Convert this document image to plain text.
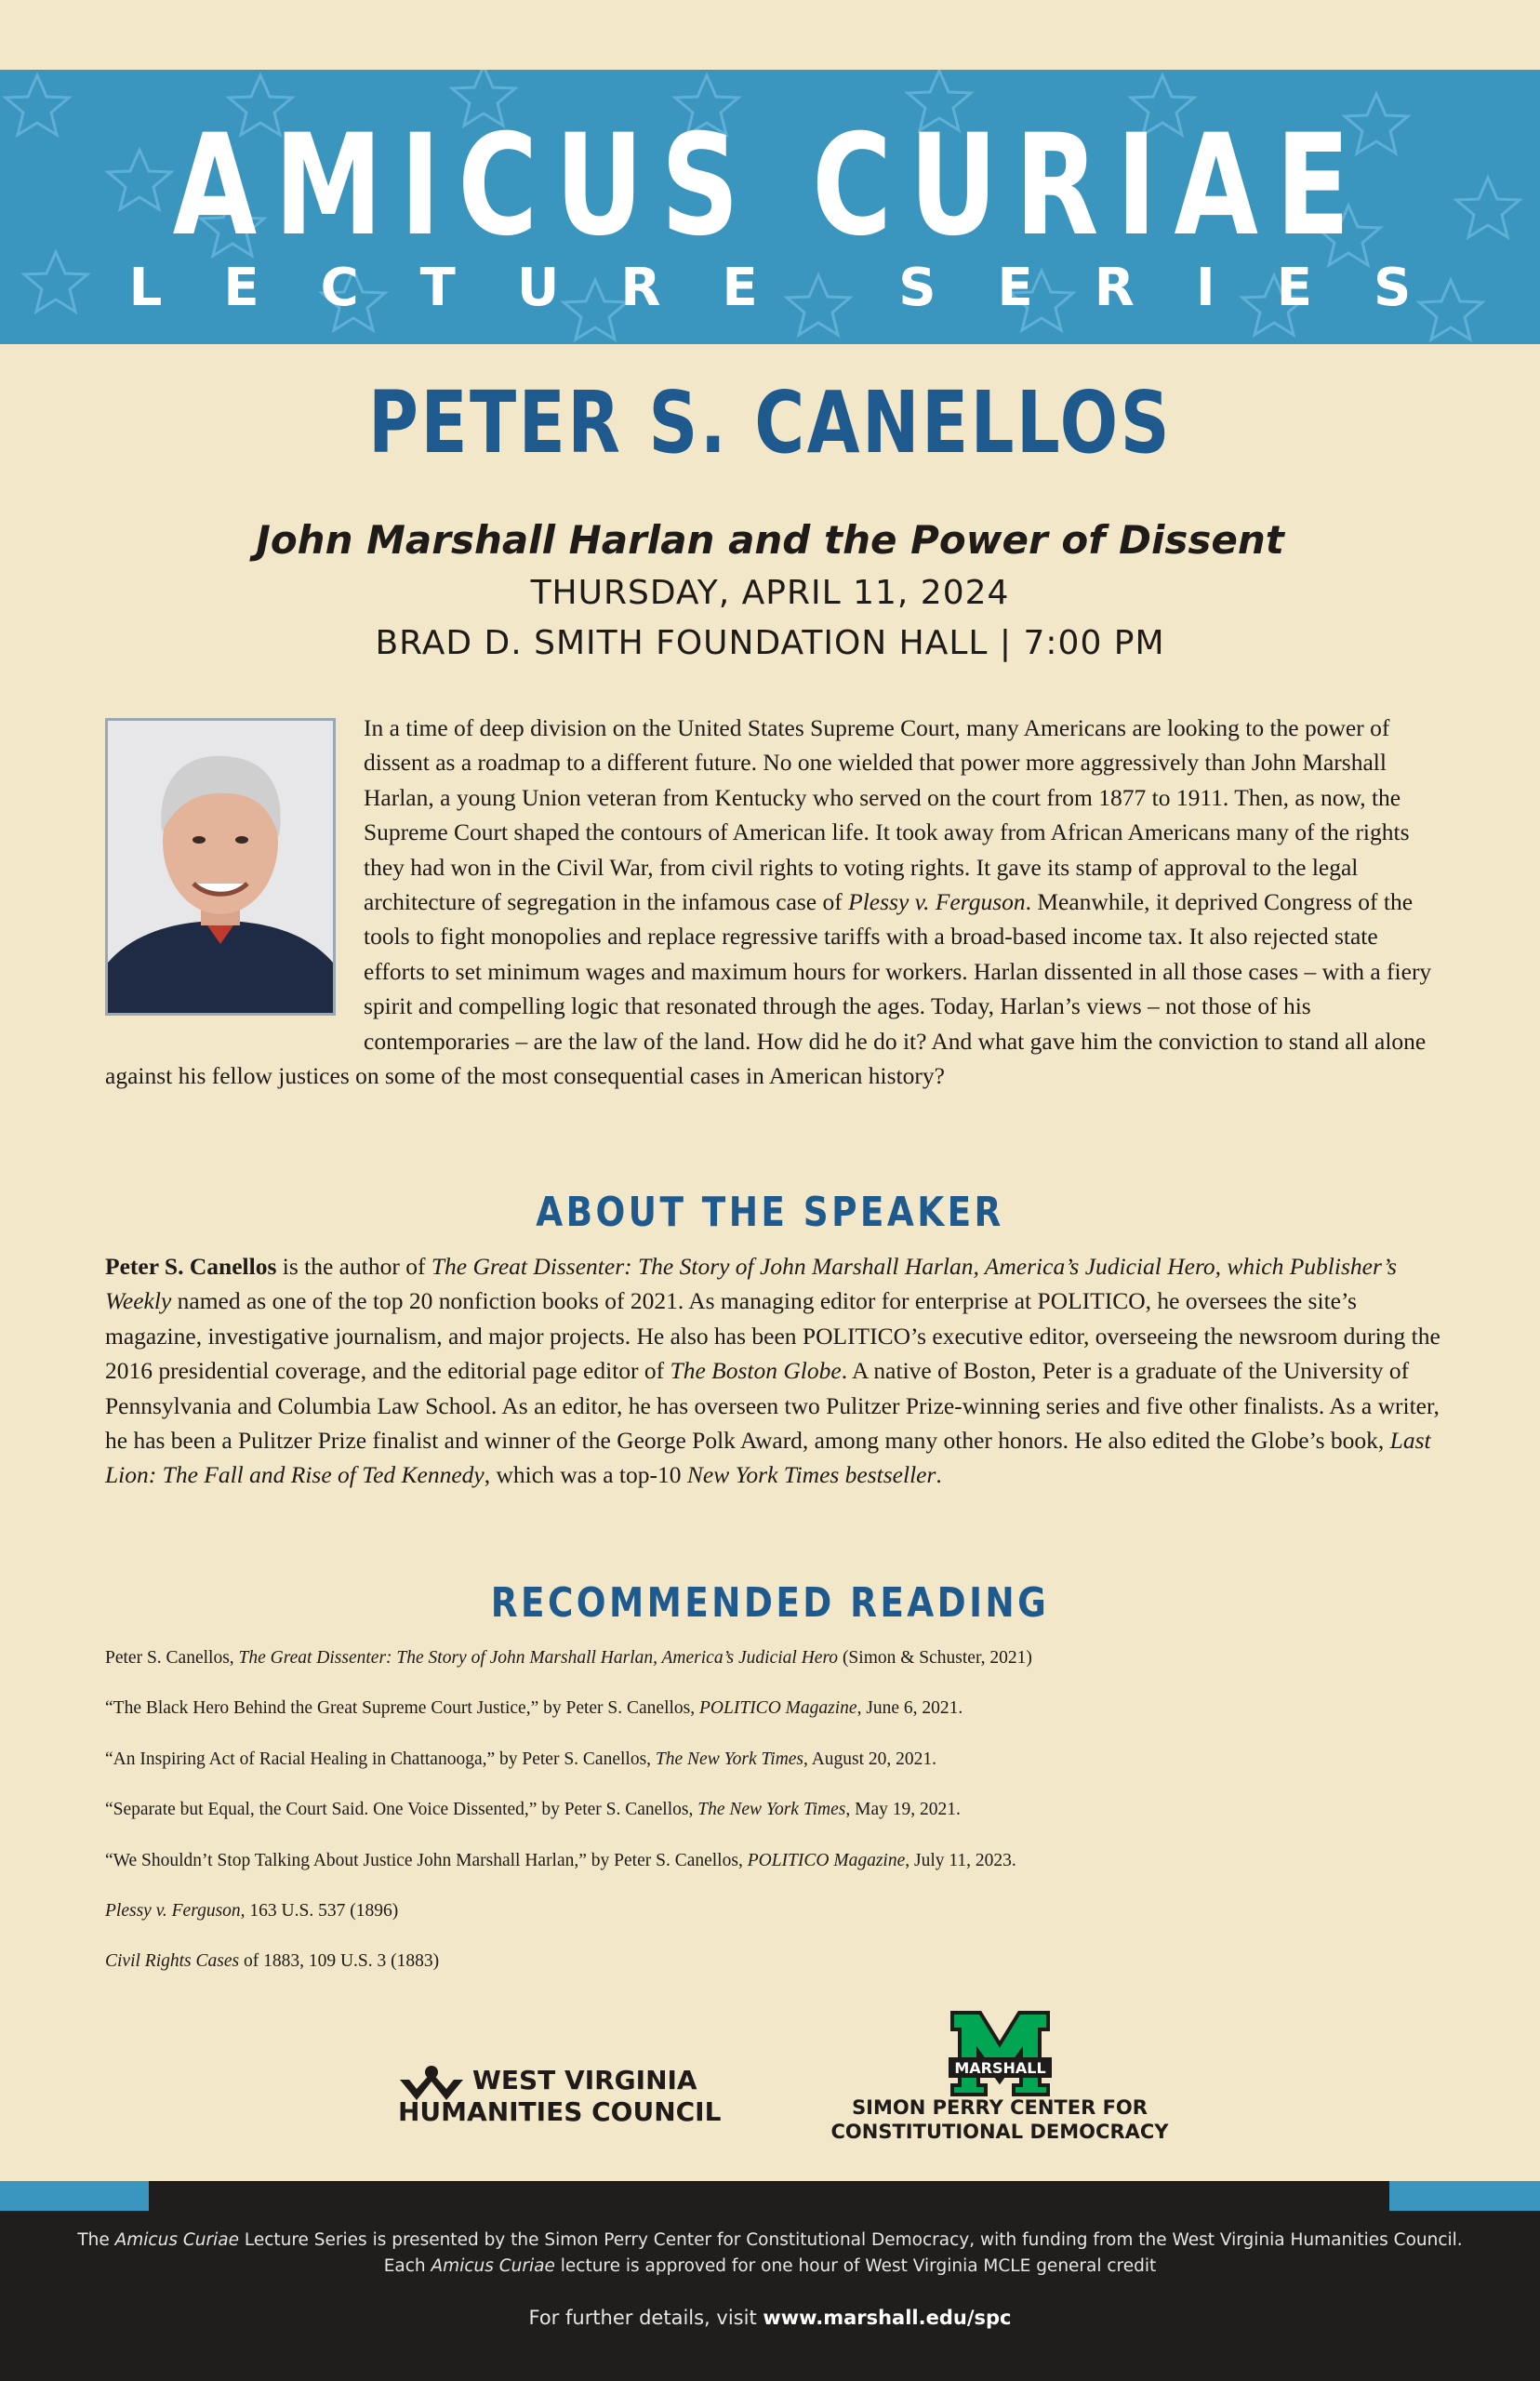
AMICUS CURIAE
LECTURE SERIES
PETER S. CANELLOS
John Marshall Harlan and the Power of Dissent
THURSDAY, APRIL 11, 2024
BRAD D. SMITH FOUNDATION HALL | 7:00 PM
In a time of deep division on the United States Supreme Court, many Americans are looking to the power of dissent as a roadmap to a different future. No one wielded that power more aggressively than John Marshall Harlan, a young Union veteran from Kentucky who served on the court from 1877 to 1911. Then, as now, the Supreme Court shaped the contours of American life. It took away from African Americans many of the rights they had won in the Civil War, from civil rights to voting rights. It gave its stamp of approval to the legal architecture of segregation in the infamous case of Plessy v. Ferguson. Meanwhile, it deprived Congress of the tools to fight monopolies and replace regressive tariffs with a broad-based income tax. It also rejected state efforts to set minimum wages and maximum hours for workers. Harlan dissented in all those cases – with a fiery spirit and compelling logic that resonated through the ages. Today, Harlan’s views – not those of his contemporaries – are the law of the land. How did he do it? And what gave him the conviction to stand all alone against his fellow justices on some of the most consequential cases in American history?
ABOUT THE SPEAKER
Peter S. Canellos is the author of The Great Dissenter: The Story of John Marshall Harlan, America’s Judicial Hero, which Publisher’s Weekly named as one of the top 20 nonfiction books of 2021. As managing editor for enterprise at POLITICO, he oversees the site’s magazine, investigative journalism, and major projects. He also has been POLITICO’s executive editor, overseeing the newsroom during the 2016 presidential coverage, and the editorial page editor of The Boston Globe. A native of Boston, Peter is a graduate of the University of Pennsylvania and Columbia Law School. As an editor, he has overseen two Pulitzer Prize-winning series and five other finalists. As a writer, he has been a Pulitzer Prize finalist and winner of the George Polk Award, among many other honors. He also edited the Globe’s book, Last Lion: The Fall and Rise of Ted Kennedy, which was a top-10 New York Times bestseller.
RECOMMENDED READING
Peter S. Canellos, The Great Dissenter: The Story of John Marshall Harlan, America’s Judicial Hero (Simon & Schuster, 2021)
“The Black Hero Behind the Great Supreme Court Justice,” by Peter S. Canellos, POLITICO Magazine, June 6, 2021.
“An Inspiring Act of Racial Healing in Chattanooga,” by Peter S. Canellos, The New York Times, August 20, 2021.
“Separate but Equal, the Court Said. One Voice Dissented,” by Peter S. Canellos, The New York Times, May 19, 2021.
“We Shouldn’t Stop Talking About Justice John Marshall Harlan,” by Peter S. Canellos, POLITICO Magazine, July 11, 2023.
Plessy v. Ferguson, 163 U.S. 537 (1896)
Civil Rights Cases of 1883, 109 U.S. 3 (1883)
WEST VIRGINIA
HUMANITIES COUNCIL
MARSHALL
SIMON PERRY CENTER FOR
CONSTITUTIONAL DEMOCRACY
The Amicus Curiae Lecture Series is presented by the Simon Perry Center for Constitutional Democracy, with funding from the West Virginia Humanities Council.
Each Amicus Curiae lecture is approved for one hour of West Virginia MCLE general credit
For further details, visit www.marshall.edu/spc
